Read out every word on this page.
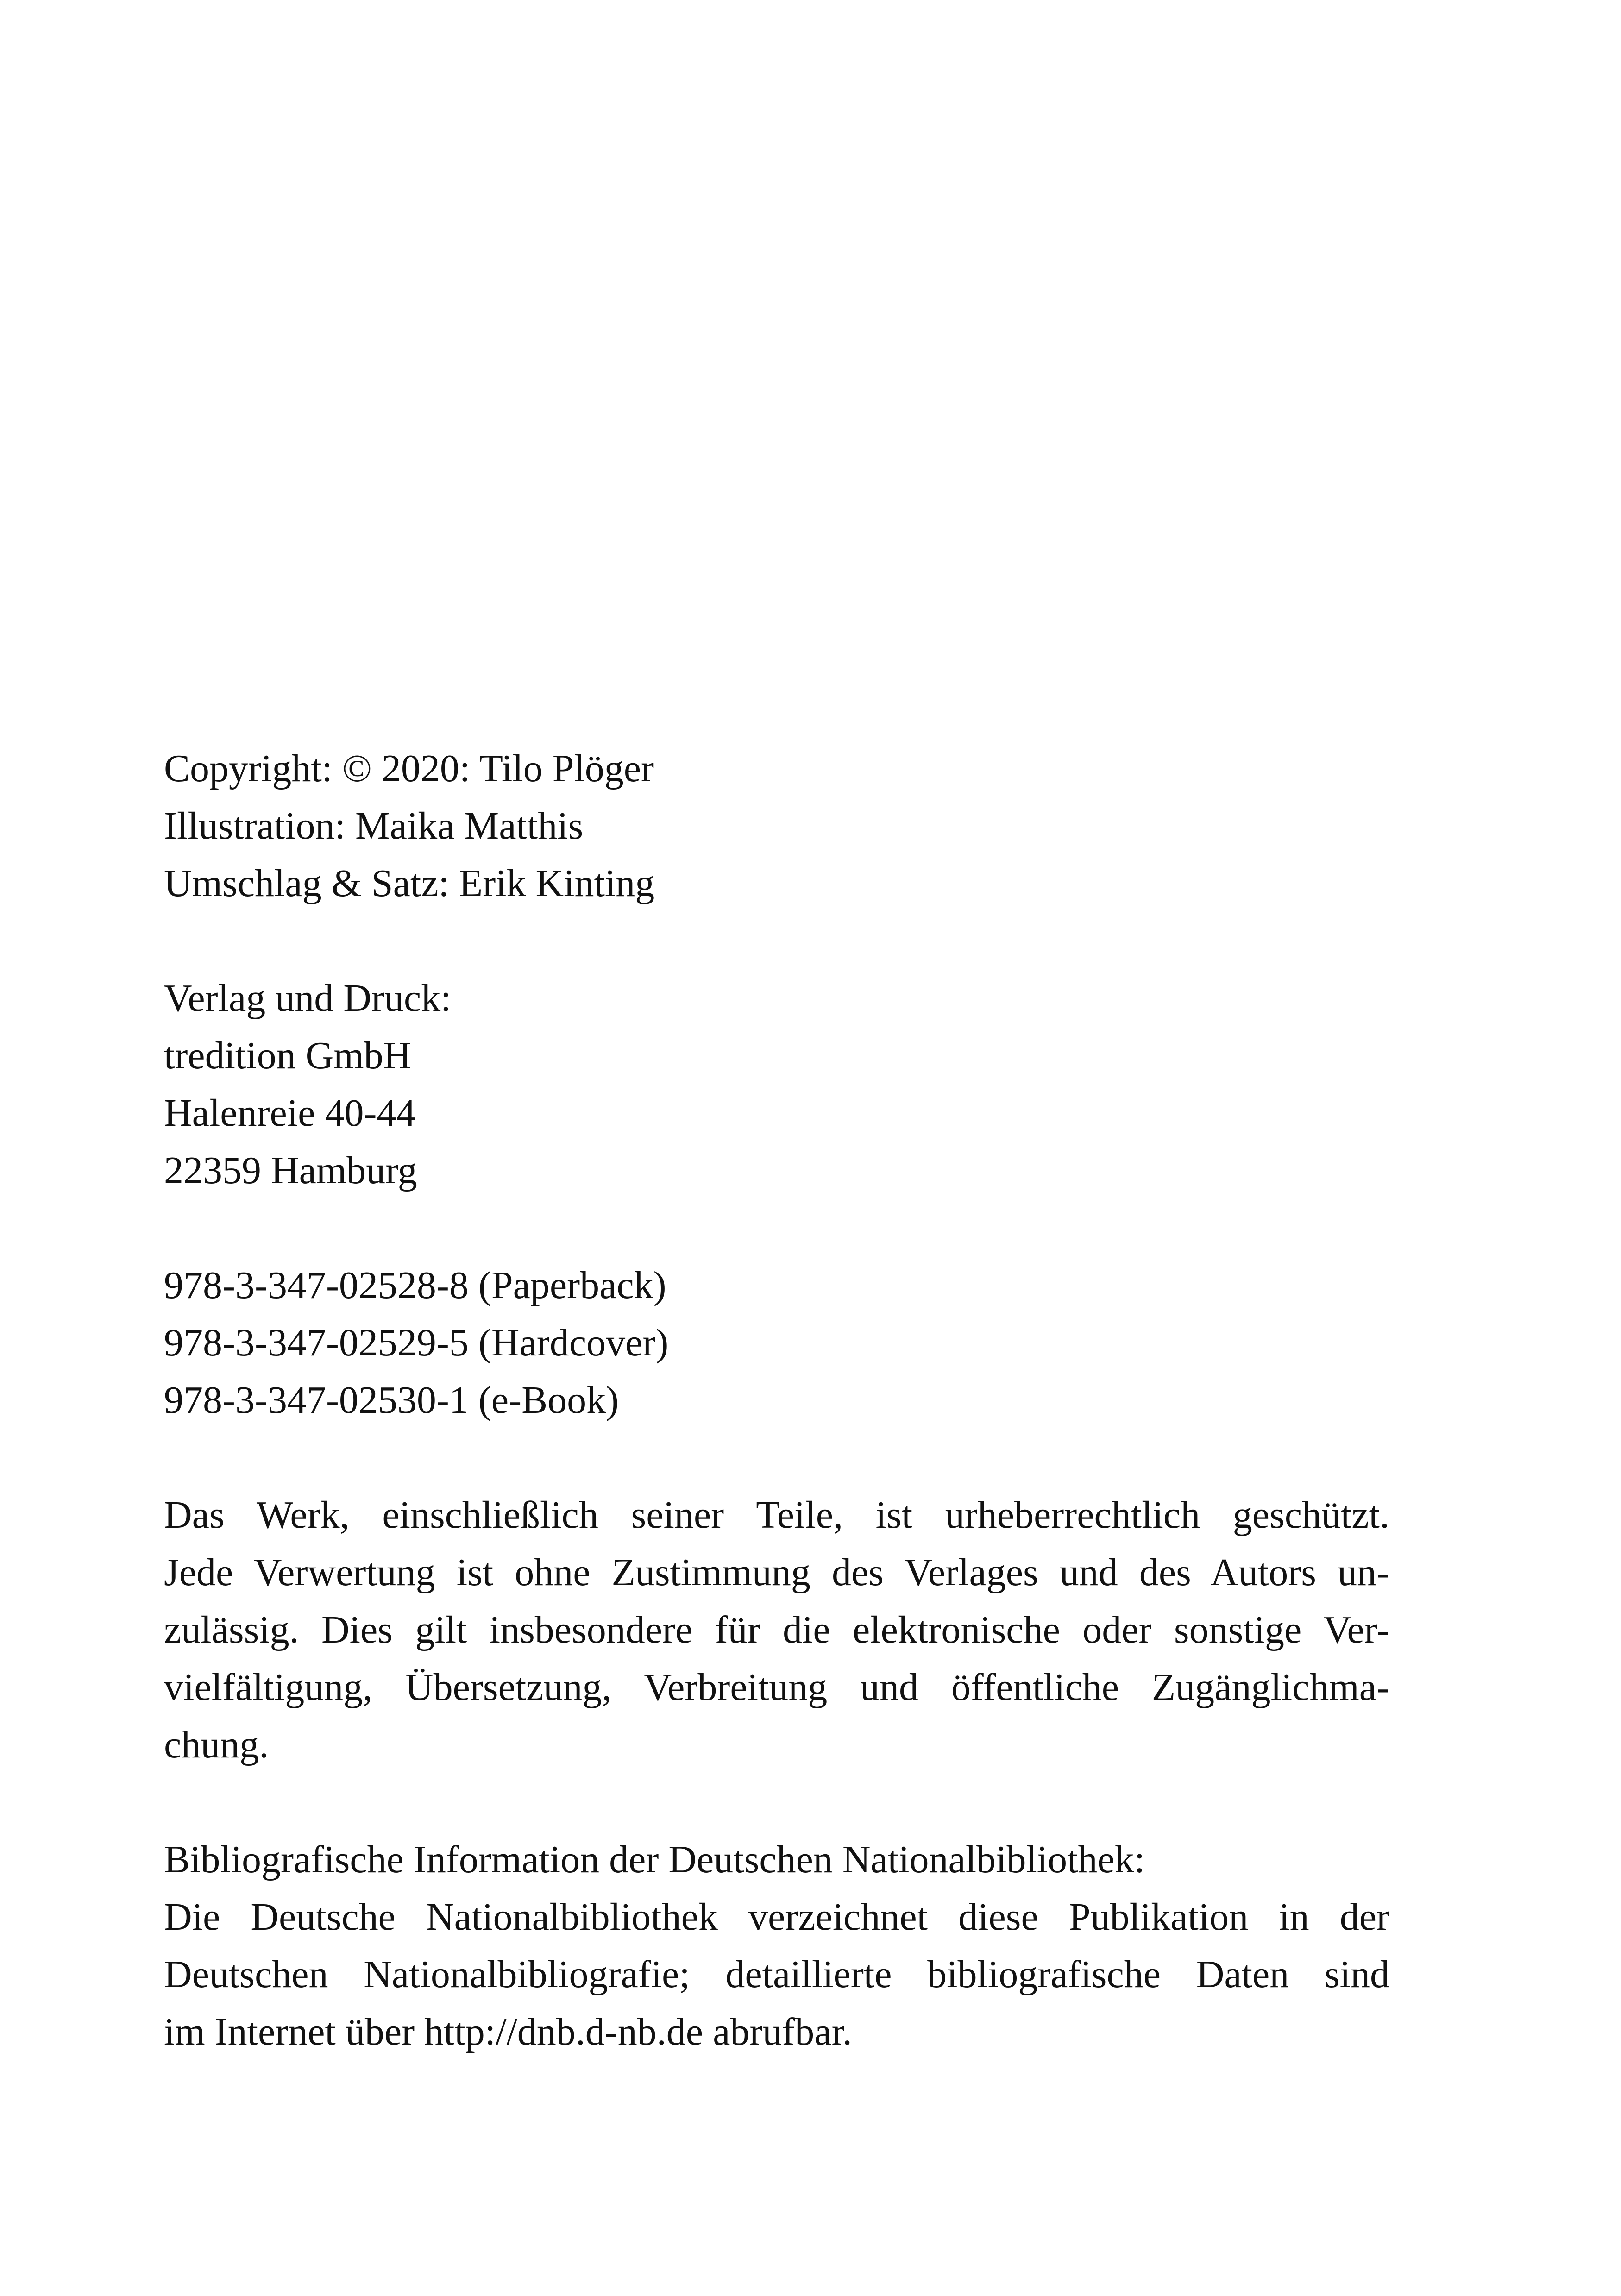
Copyright: © 2020: Tilo Plöger
Illustration: Maika Matthis
Umschlag & Satz: Erik Kinting
Verlag und Druck:
tredition GmbH
Halenreie 40-44
22359 Hamburg
978-3-347-02528-8 (Paperback)
978-3-347-02529-5 (Hardcover)
978-3-347-02530-1 (e-Book)
Das Werk, einschließlich seiner Teile, ist urheberrechtlich geschützt.
Jede Verwertung ist ohne Zustimmung des Verlages und des Autors un-
zulässig. Dies gilt insbesondere für die elektronische oder sonstige Ver-
vielfältigung, Übersetzung, Verbreitung und öffentliche Zugänglichma-
chung.
Bibliografische Information der Deutschen Nationalbibliothek:
Die Deutsche Nationalbibliothek verzeichnet diese Publikation in der
Deutschen Nationalbibliografie; detaillierte bibliografische Daten sind
im Internet über http://dnb.d-nb.de abrufbar.
